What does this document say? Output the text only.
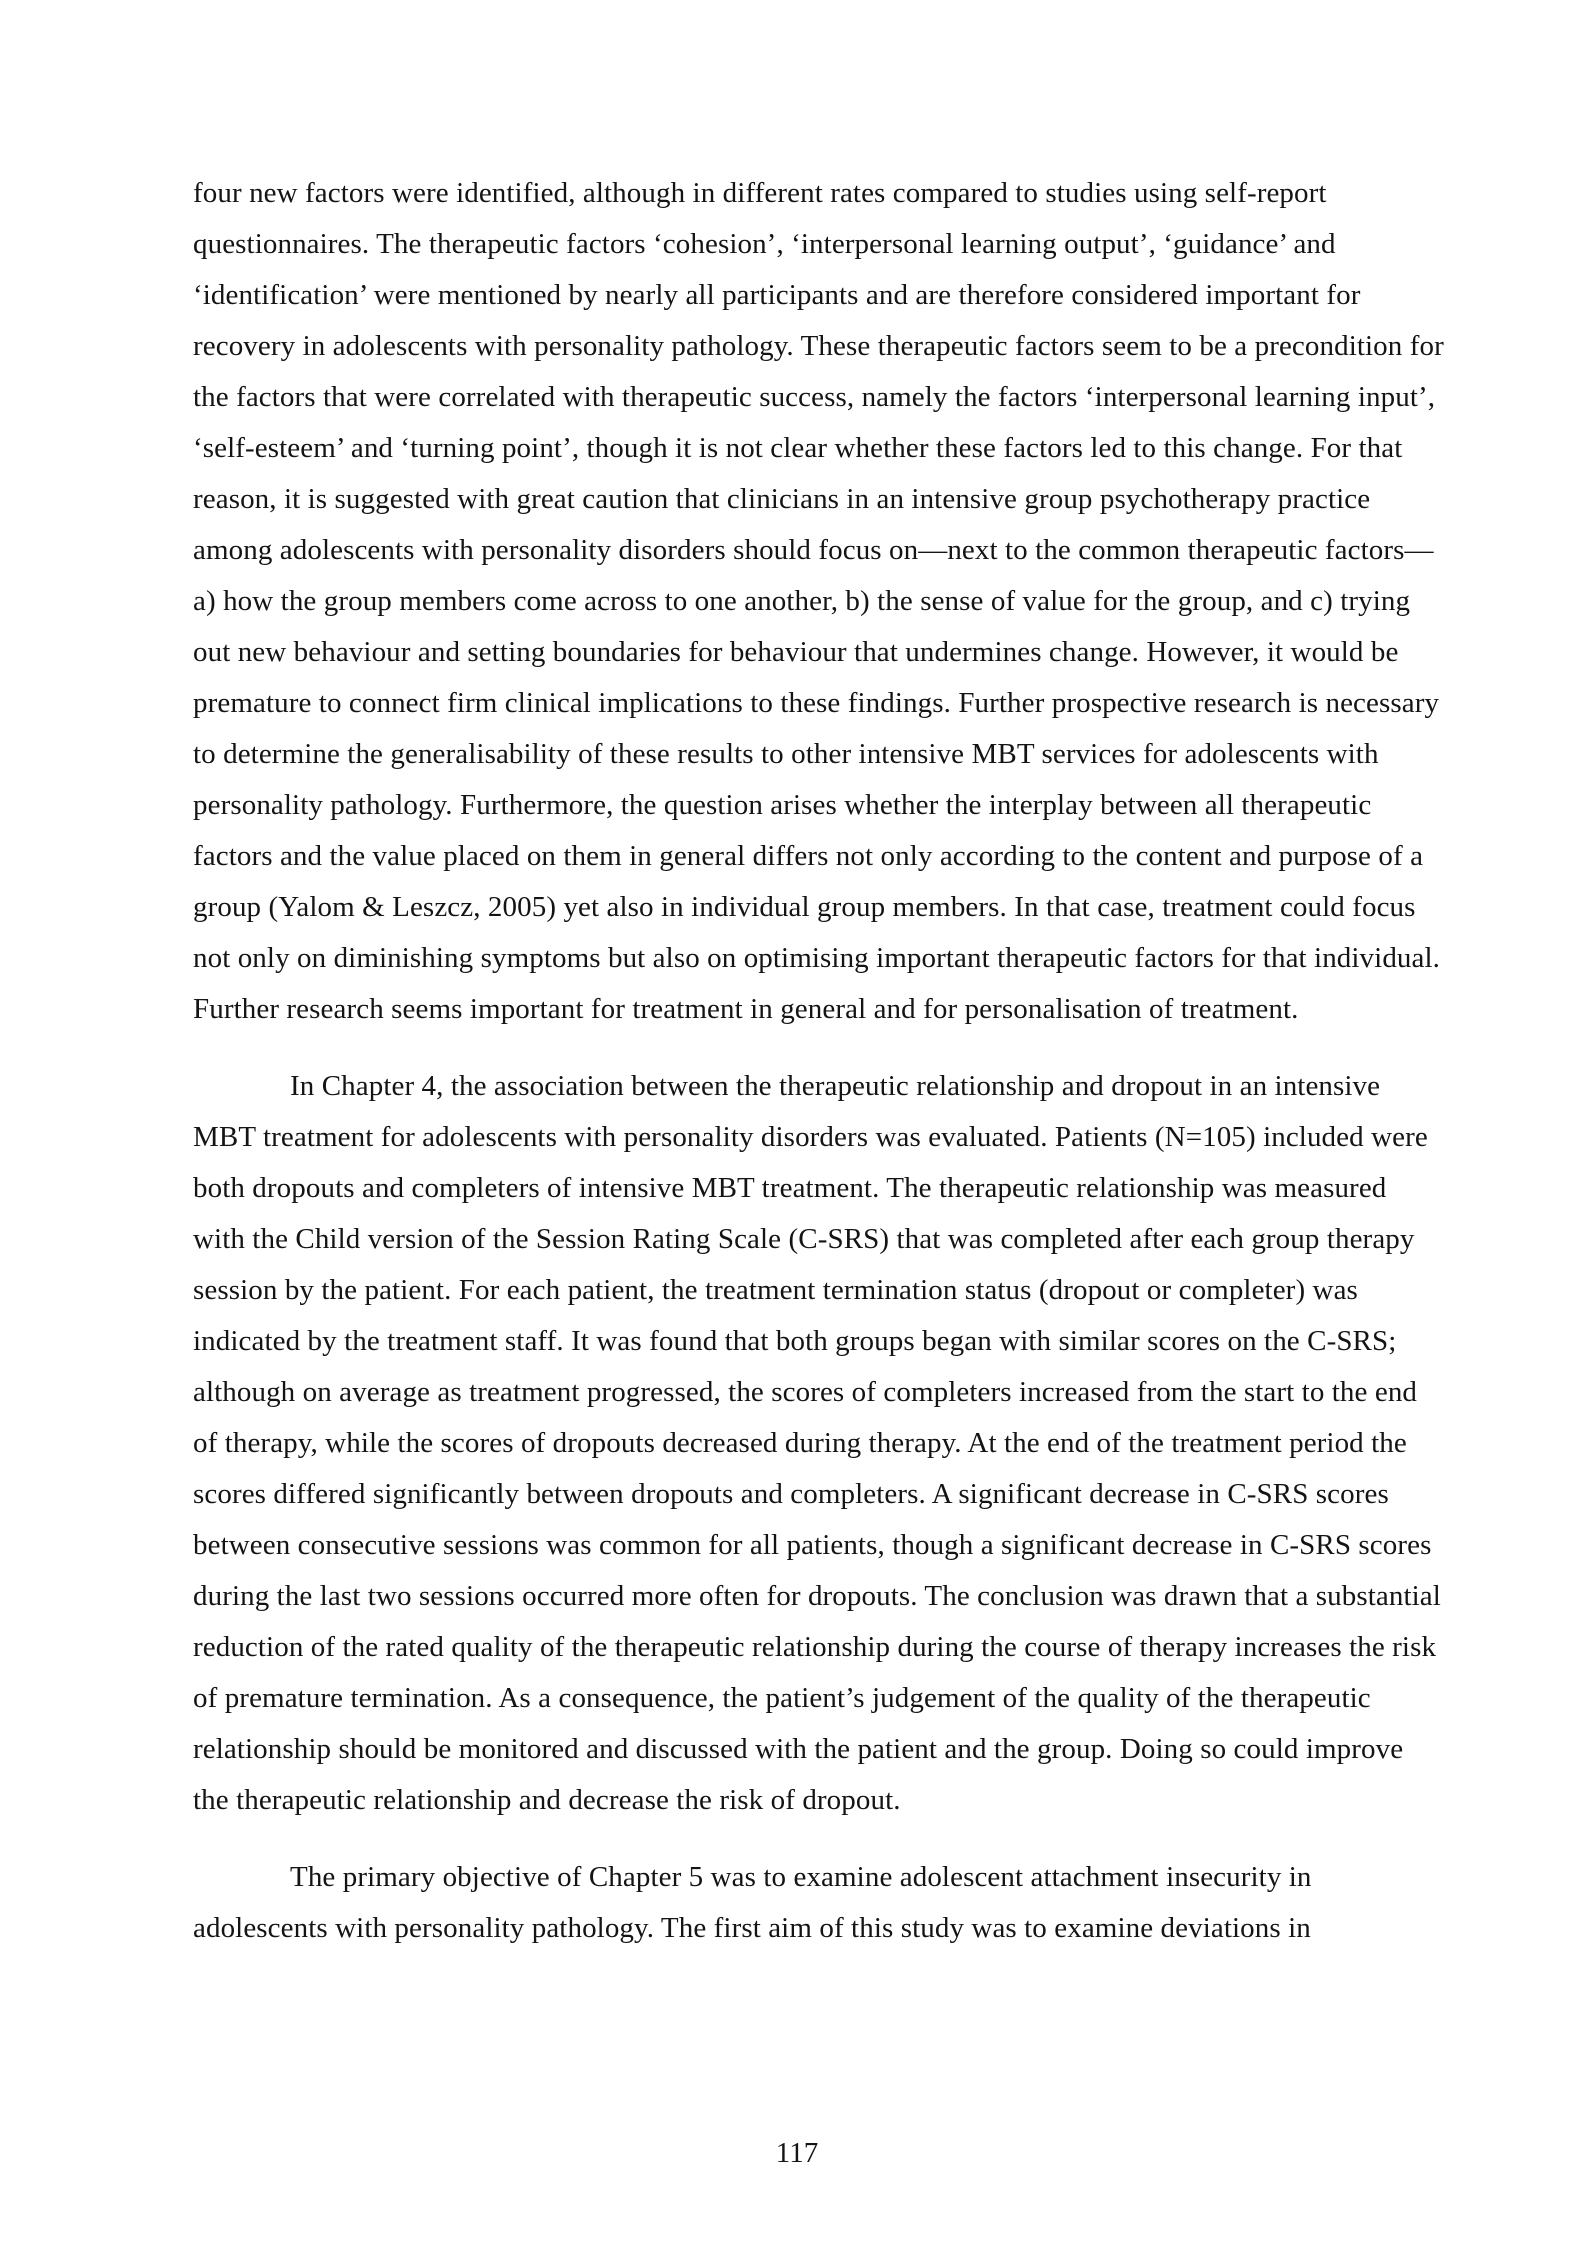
four new factors were identified, although in different rates compared to studies using self-report questionnaires. The therapeutic factors ‘cohesion’, ‘interpersonal learning output’, ‘guidance’ and ‘identification’ were mentioned by nearly all participants and are therefore considered important for recovery in adolescents with personality pathology. These therapeutic factors seem to be a precondition for the factors that were correlated with therapeutic success, namely the factors ‘interpersonal learning input’, ‘self-esteem’ and ‘turning point’, though it is not clear whether these factors led to this change. For that reason, it is suggested with great caution that clinicians in an intensive group psychotherapy practice among adolescents with personality disorders should focus on—next to the common therapeutic factors—a) how the group members come across to one another, b) the sense of value for the group, and c) trying out new behaviour and setting boundaries for behaviour that undermines change. However, it would be premature to connect firm clinical implications to these findings. Further prospective research is necessary to determine the generalisability of these results to other intensive MBT services for adolescents with personality pathology. Furthermore, the question arises whether the interplay between all therapeutic factors and the value placed on them in general differs not only according to the content and purpose of a group (Yalom & Leszcz, 2005) yet also in individual group members. In that case, treatment could focus not only on diminishing symptoms but also on optimising important therapeutic factors for that individual. Further research seems important for treatment in general and for personalisation of treatment.

In Chapter 4, the association between the therapeutic relationship and dropout in an intensive MBT treatment for adolescents with personality disorders was evaluated. Patients (N=105) included were both dropouts and completers of intensive MBT treatment. The therapeutic relationship was measured with the Child version of the Session Rating Scale (C-SRS) that was completed after each group therapy session by the patient. For each patient, the treatment termination status (dropout or completer) was indicated by the treatment staff. It was found that both groups began with similar scores on the C-SRS; although on average as treatment progressed, the scores of completers increased from the start to the end of therapy, while the scores of dropouts decreased during therapy. At the end of the treatment period the scores differed significantly between dropouts and completers. A significant decrease in C-SRS scores between consecutive sessions was common for all patients, though a significant decrease in C-SRS scores during the last two sessions occurred more often for dropouts. The conclusion was drawn that a substantial reduction of the rated quality of the therapeutic relationship during the course of therapy increases the risk of premature termination. As a consequence, the patient’s judgement of the quality of the therapeutic relationship should be monitored and discussed with the patient and the group. Doing so could improve the therapeutic relationship and decrease the risk of dropout.

The primary objective of Chapter 5 was to examine adolescent attachment insecurity in adolescents with personality pathology. The first aim of this study was to examine deviations in

117
